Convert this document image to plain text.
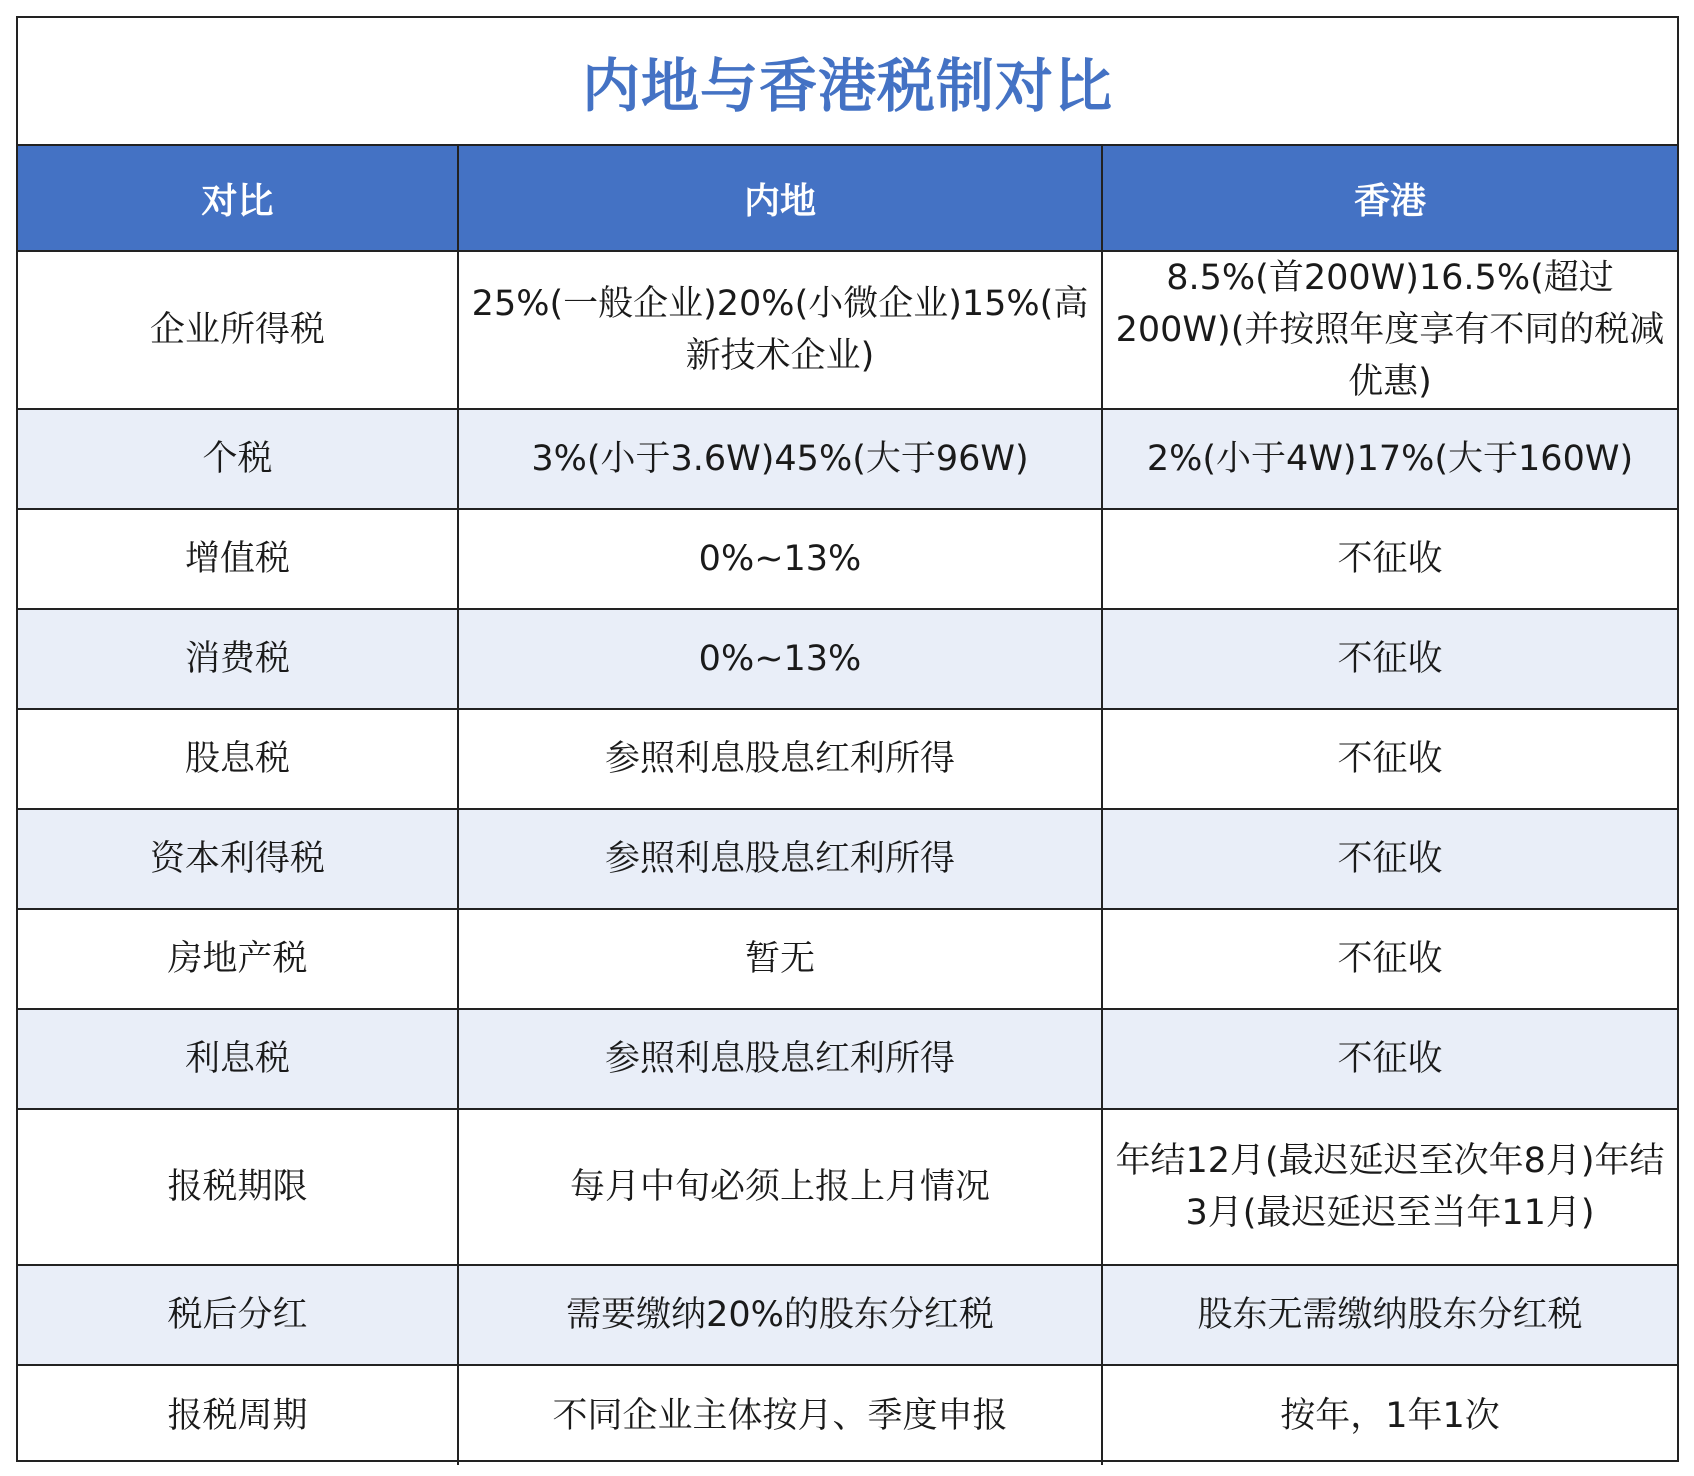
内地与香港税制对比
对比	内地	香港
企业所得税	25%(一般企业)20%(小微企业)15%(高新技术企业)	8.5%(首200W)16.5%(超过200W)(并按照年度享有不同的税减优惠)
个税	3%(小于3.6W)45%(大于96W)	2%(小于4W)17%(大于160W)
增值税	0%~13%	不征收
消费税	0%~13%	不征收
股息税	参照利息股息红利所得	不征收
资本利得税	参照利息股息红利所得	不征收
房地产税	暂无	不征收
利息税	参照利息股息红利所得	不征收
报税期限	每月中旬必须上报上月情况	年结12月(最迟延迟至次年8月)年结3月(最迟延迟至当年11月)
税后分红	需要缴纳20%的股东分红税	股东无需缴纳股东分红税
报税周期	不同企业主体按月、季度申报	按年，1年1次
